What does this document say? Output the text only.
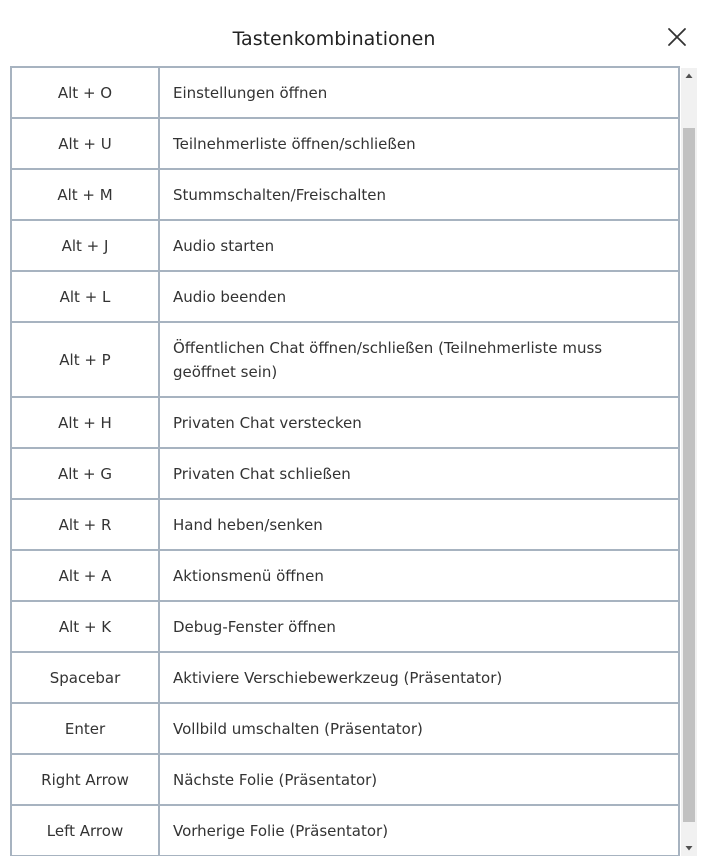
Tastenkombinationen
Alt + O	Einstellungen öffnen
Alt + U	Teilnehmerliste öffnen/schließen
Alt + M	Stummschalten/Freischalten
Alt + J	Audio starten
Alt + L	Audio beenden
Alt + P	Öffentlichen Chat öffnen/schließen (Teilnehmerliste muss geöffnet sein)
Alt + H	Privaten Chat verstecken
Alt + G	Privaten Chat schließen
Alt + R	Hand heben/senken
Alt + A	Aktionsmenü öffnen
Alt + K	Debug-Fenster öffnen
Spacebar	Aktiviere Verschiebewerkzeug (Präsentator)
Enter	Vollbild umschalten (Präsentator)
Right Arrow	Nächste Folie (Präsentator)
Left Arrow	Vorherige Folie (Präsentator)
